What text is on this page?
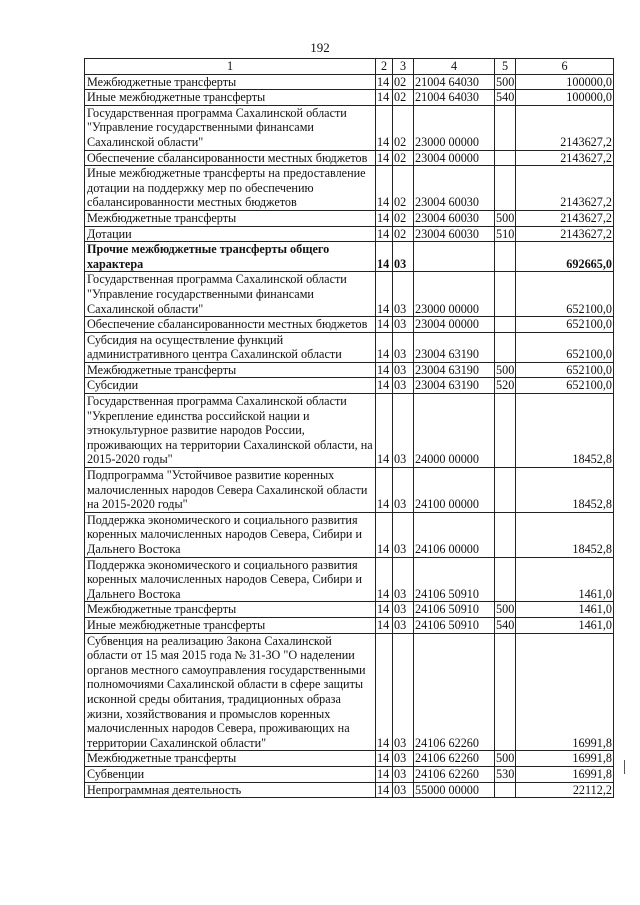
192
1	2	3	4	5	6
Межбюджетные трансферты	14	02	21004 64030	500	100000,0
Иные межбюджетные трансферты	14	02	21004 64030	540	100000,0
Государственная программа Сахалинской области "Управление государственными финансами Сахалинской области"	14	02	23000 00000		2143627,2
Обеспечение сбалансированности местных бюджетов	14	02	23004 00000		2143627,2
Иные межбюджетные трансферты на предоставление дотации на поддержку мер по обеспечению сбалансированности местных бюджетов	14	02	23004 60030		2143627,2
Межбюджетные трансферты	14	02	23004 60030	500	2143627,2
Дотации	14	02	23004 60030	510	2143627,2
Прочие межбюджетные трансферты общего характера	14	03			692665,0
Государственная программа Сахалинской области "Управление государственными финансами Сахалинской области"	14	03	23000 00000		652100,0
Обеспечение сбалансированности местных бюджетов	14	03	23004 00000		652100,0
Субсидия на осуществление функций административного центра Сахалинской области	14	03	23004 63190		652100,0
Межбюджетные трансферты	14	03	23004 63190	500	652100,0
Субсидии	14	03	23004 63190	520	652100,0
Государственная программа Сахалинской области "Укрепление единства российской нации и этнокультурное развитие народов России, проживающих на территории Сахалинской области, на 2015-2020 годы"	14	03	24000 00000		18452,8
Подпрограмма "Устойчивое развитие коренных малочисленных народов Севера Сахалинской области на 2015-2020 годы"	14	03	24100 00000		18452,8
Поддержка экономического и социального развития коренных малочисленных народов Севера, Сибири и Дальнего Востока	14	03	24106 00000		18452,8
Поддержка экономического и социального развития коренных малочисленных народов Севера, Сибири и Дальнего Востока	14	03	24106 50910		1461,0
Межбюджетные трансферты	14	03	24106 50910	500	1461,0
Иные межбюджетные трансферты	14	03	24106 50910	540	1461,0
Субвенция на реализацию Закона Сахалинской области от 15 мая 2015 года № 31-ЗО "О наделении органов местного самоуправления государственными полномочиями Сахалинской области в сфере защиты исконной среды обитания, традиционных образа жизни, хозяйствования и промыслов коренных малочисленных народов Севера, проживающих на территории Сахалинской области"	14	03	24106 62260		16991,8
Межбюджетные трансферты	14	03	24106 62260	500	16991,8
Субвенции	14	03	24106 62260	530	16991,8
Непрограммная деятельность	14	03	55000 00000		22112,2
